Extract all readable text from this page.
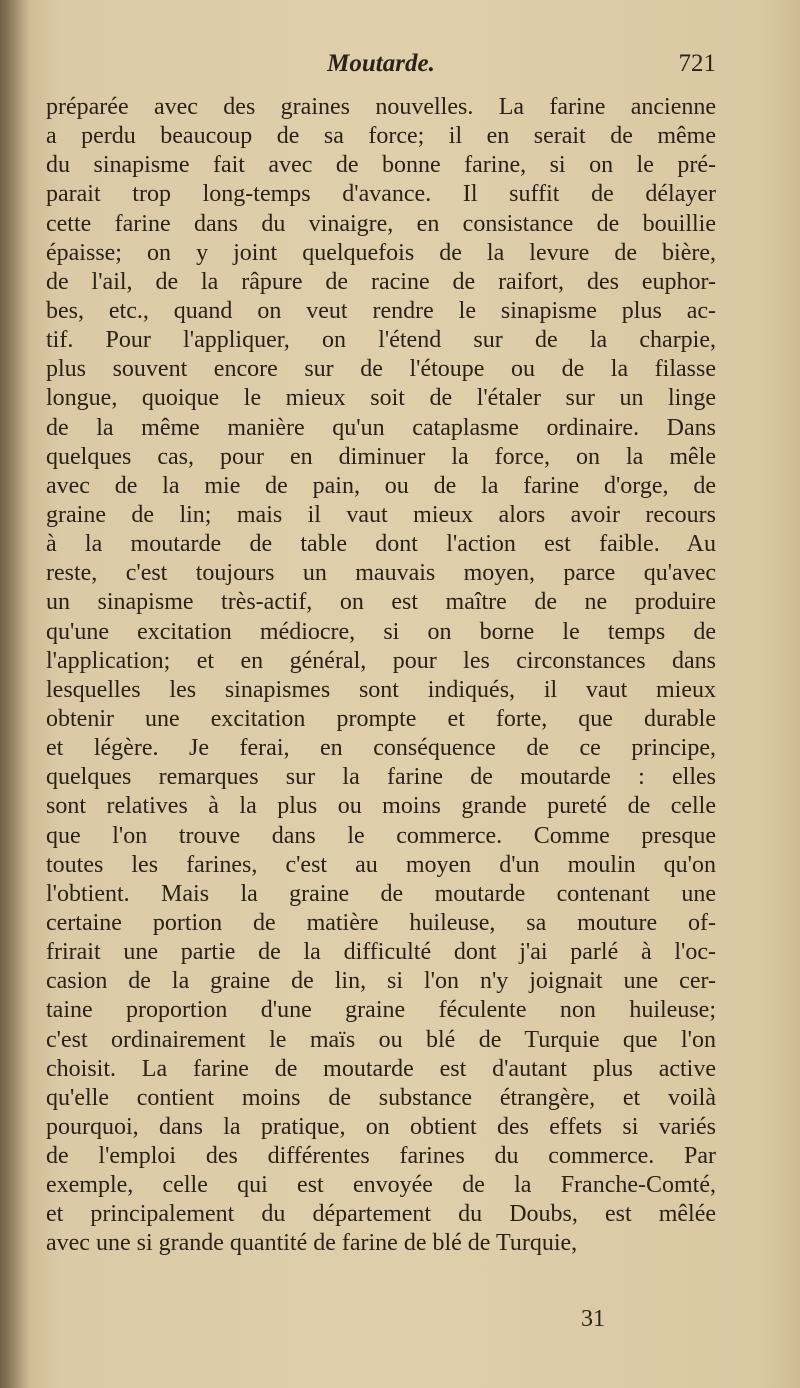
Moutarde.	721
préparée avec des graines nouvelles. La farine ancienne
a perdu beaucoup de sa force; il en serait de même
du sinapisme fait avec de bonne farine, si on le pré-
parait trop long-temps d'avance. Il suffit de délayer
cette farine dans du vinaigre, en consistance de bouillie
épaisse; on y joint quelquefois de la levure de bière,
de l'ail, de la râpure de racine de raifort, des euphor-
bes, etc., quand on veut rendre le sinapisme plus ac-
tif. Pour l'appliquer, on l'étend sur de la charpie,
plus souvent encore sur de l'étoupe ou de la filasse
longue, quoique le mieux soit de l'étaler sur un linge
de la même manière qu'un cataplasme ordinaire. Dans
quelques cas, pour en diminuer la force, on la mêle
avec de la mie de pain, ou de la farine d'orge, de
graine de lin; mais il vaut mieux alors avoir recours
à la moutarde de table dont l'action est faible. Au
reste, c'est toujours un mauvais moyen, parce qu'avec
un sinapisme très-actif, on est maître de ne produire
qu'une excitation médiocre, si on borne le temps de
l'application; et en général, pour les circonstances dans
lesquelles les sinapismes sont indiqués, il vaut mieux
obtenir une excitation prompte et forte, que durable
et légère. Je ferai, en conséquence de ce principe,
quelques remarques sur la farine de moutarde : elles
sont relatives à la plus ou moins grande pureté de celle
que l'on trouve dans le commerce. Comme presque
toutes les farines, c'est au moyen d'un moulin qu'on
l'obtient. Mais la graine de moutarde contenant une
certaine portion de matière huileuse, sa mouture of-
frirait une partie de la difficulté dont j'ai parlé à l'oc-
casion de la graine de lin, si l'on n'y joignait une cer-
taine proportion d'une graine féculente non huileuse;
c'est ordinairement le maïs ou blé de Turquie que l'on
choisit. La farine de moutarde est d'autant plus active
qu'elle contient moins de substance étrangère, et voilà
pourquoi, dans la pratique, on obtient des effets si variés
de l'emploi des différentes farines du commerce. Par
exemple, celle qui est envoyée de la Franche-Comté,
et principalement du département du Doubs, est mêlée
avec une si grande quantité de farine de blé de Turquie,
31
